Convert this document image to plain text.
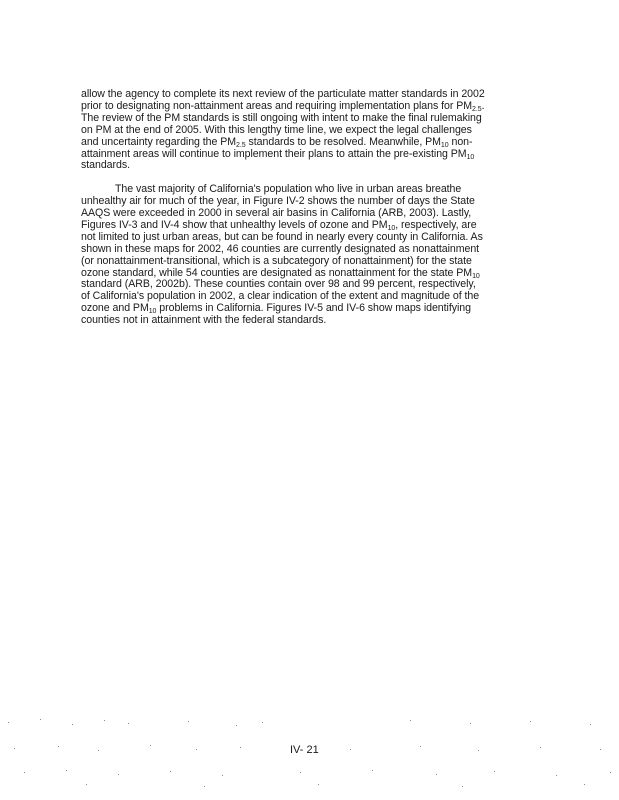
allow the agency to complete its next review of the particulate matter standards in 2002
prior to designating non-attainment areas and requiring implementation plans for $PM_{2.5}$.
The review of the PM standards is still ongoing with intent to make the final rulemaking
on PM at the end of 2005. With this lengthy time line, we expect the legal challenges
and uncertainty regarding the $PM_{2.5}$ standards to be resolved. Meanwhile, $PM_{10}$ non-
attainment areas will continue to implement their plans to attain the pre-existing $PM_{10}$
standards.
The vast majority of California's population who live in urban areas breathe
unhealthy air for much of the year, in Figure IV-2 shows the number of days the State
AAQS were exceeded in 2000 in several air basins in California (ARB, 2003). Lastly,
Figures IV-3 and IV-4 show that unhealthy levels of ozone and $PM_{10}$, respectively, are
not limited to just urban areas, but can be found in nearly every county in California. As
shown in these maps for 2002, 46 counties are currently designated as nonattainment
(or nonattainment-transitional, which is a subcategory of nonattainment) for the state
ozone standard, while 54 counties are designated as nonattainment for the state $PM_{10}$
standard (ARB, 2002b). These counties contain over 98 and 99 percent, respectively,
of California's population in 2002, a clear indication of the extent and magnitude of the
ozone and $PM_{10}$ problems in California. Figures IV-5 and IV-6 show maps identifying
counties not in attainment with the federal standards.
IV- 21
